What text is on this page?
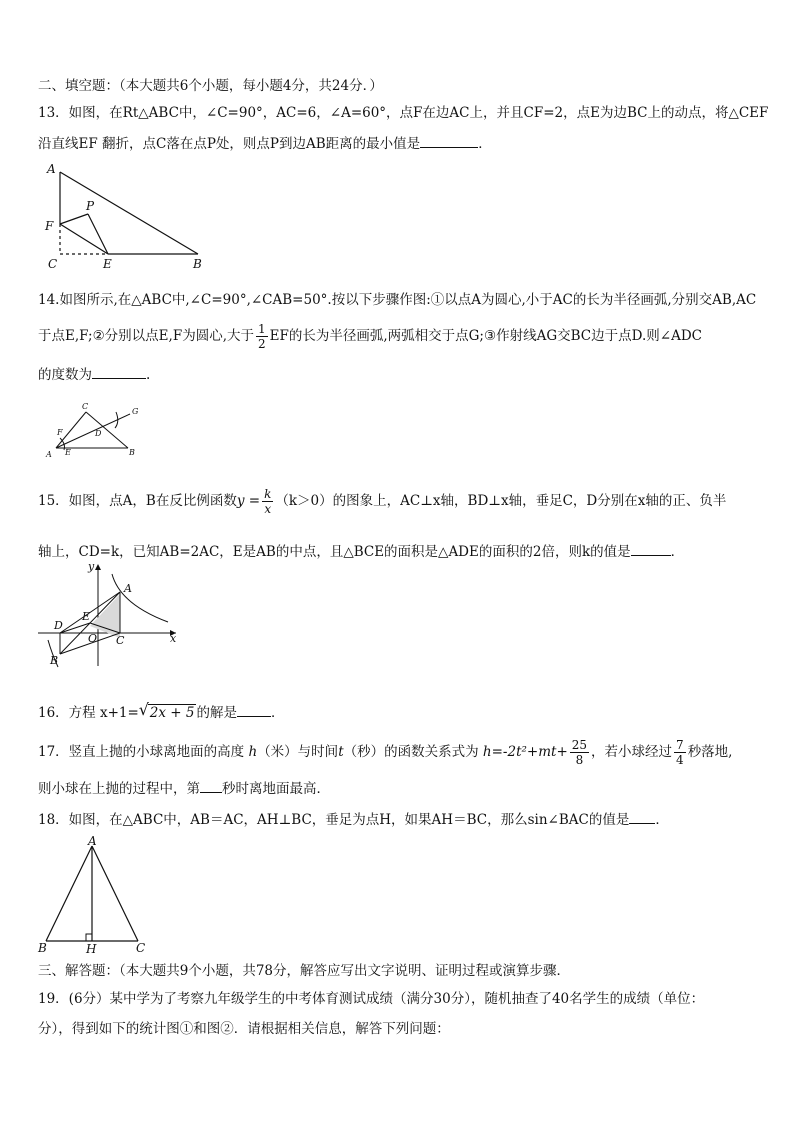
二、填空题：（本大题共6个小题，每小题4分，共24分．）
13．如图，在Rt△ABC中，∠C=90°，AC=6，∠A=60°，点F在边AC上，并且CF=2，点E为边BC上的动点，将△CEF
沿直线EF 翻折，点C落在点P处，则点P到边AB距离的最小值是	．
A
F
P
C	E	B
14.如图所示,在△ABC中,∠C=90°,∠CAB=50°.按以下步骤作图:①以点A为圆心,小于AC的长为半径画弧,分别交AB,AC
于点E,F;②分别以点E,F为圆心,大于 $\frac{1}{2}$ EF的长为半径画弧,两弧相交于点G;③作射线AG交BC边于点D.则∠ADC
的度数为	.
C
G
F	D
A E	B
15．如图，点A，B在反比例函数$y = \frac{k}{x} (k>0)$的图象上，AC⊥x轴，BD⊥x轴，垂足C，D分别在x轴的正、负半
轴上，CD=k，已知AB=2AC，E是AB的中点，且△BCE的面积是△ADE的面积的2倍，则k的值是	．
y
A
E
D
O C	x
B
16．方程 x+1= √ 2x + 5 的解是	．
17．竖直上抛的小球离地面的高度 h（米）与时间t（秒）的函数关系式为 $h=-2t^2+mt+ \frac{25}{8}$ ，若小球经过 $\frac{7}{4}$ 秒落地,
则小球在上抛的过程中，第 秒时离地面最高．
18．如图，在△ABC中，AB＝AC，AH⊥BC，垂足为点H，如果AH＝BC，那么sin∠BAC的值是 ．
A
B	H	C
三、解答题：（本大题共9个小题，共78分，解答应写出文字说明、证明过程或演算步骤．
19．(6分）某中学为了考察九年级学生的中考体育测试成绩（满分30分），随机抽查了40名学生的成绩（单位：
分），得到如下的统计图①和图②．请根据相关信息，解答下列问题：
